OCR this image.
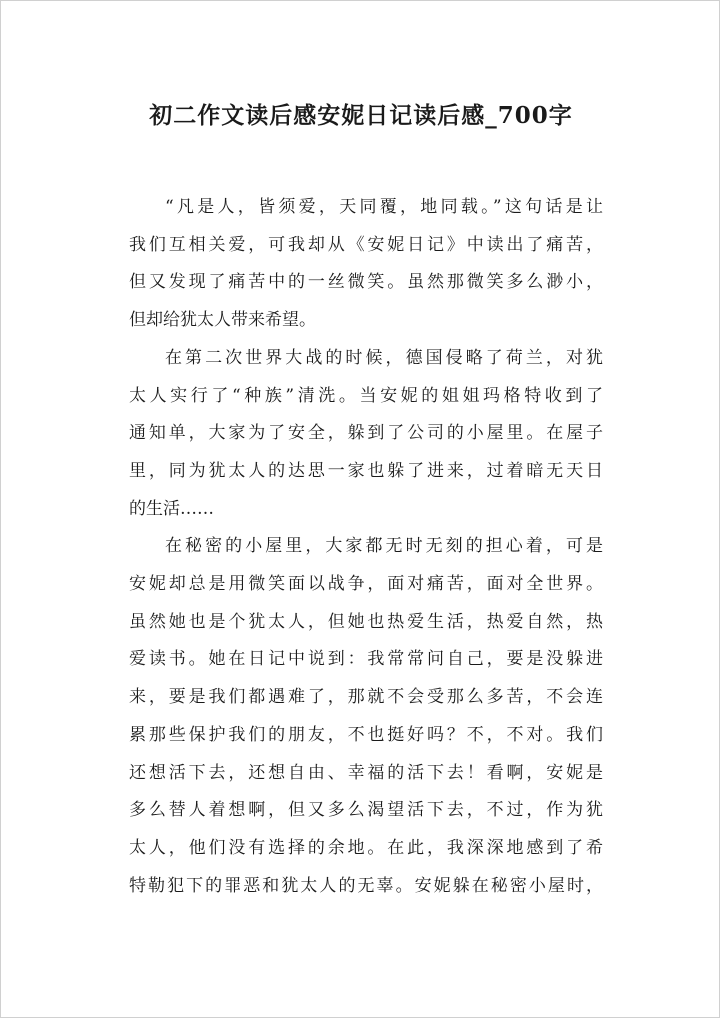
初二作文读后感安妮日记读后感_700字
“凡是人，皆须爱，天同覆，地同载。”这句话是让
我们互相关爱，可我却从《安妮日记》中读出了痛苦，
但又发现了痛苦中的一丝微笑。虽然那微笑多么渺小，
但却给犹太人带来希望。
在第二次世界大战的时候，德国侵略了荷兰，对犹
太人实行了“种族”清洗。当安妮的姐姐玛格特收到了
通知单，大家为了安全，躲到了公司的小屋里。在屋子
里，同为犹太人的达思一家也躲了进来，过着暗无天日
的生活……
在秘密的小屋里，大家都无时无刻的担心着，可是
安妮却总是用微笑面以战争，面对痛苦，面对全世界。
虽然她也是个犹太人，但她也热爱生活，热爱自然，热
爱读书。她在日记中说到：我常常问自己，要是没躲进
来，要是我们都遇难了，那就不会受那么多苦，不会连
累那些保护我们的朋友，不也挺好吗？不，不对。我们
还想活下去，还想自由、幸福的活下去！看啊，安妮是
多么替人着想啊，但又多么渴望活下去，不过，作为犹
太人，他们没有选择的余地。在此，我深深地感到了希
特勒犯下的罪恶和犹太人的无辜。安妮躲在秘密小屋时，
